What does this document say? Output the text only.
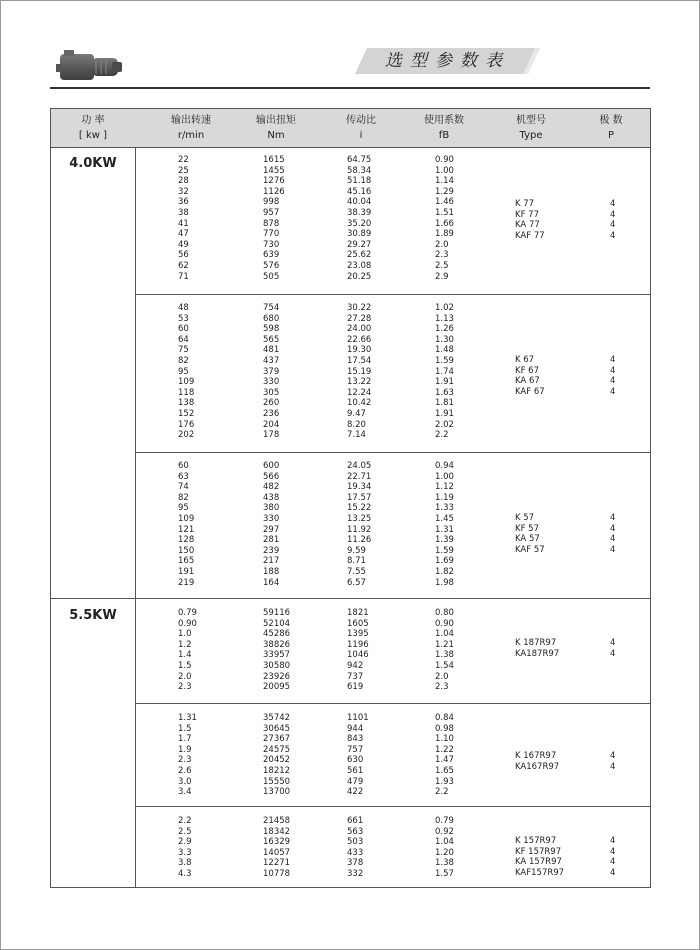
选型参数表
功 率
[ kw ]
输出转速
r/min
输出扭矩
Nm
传动比
i
使用系数
fB
机型号
Type
极 数
P
4.0KW
5.5KW
22
25
28
32
36
38
41
47
49
56
62
71
1615
1455
1276
1126
998
957
878
770
730
639
576
505
64.75
58.34
51.18
45.16
40.04
38.39
35.20
30.89
29.27
25.62
23.08
20.25
0.90
1.00
1.14
1.29
1.46
1.51
1.66
1.89
2.0
2.3
2.5
2.9
K 77
KF 77
KA 77
KAF 77
4
4
4
4
48
53
60
64
75
82
95
109
118
138
152
176
202
754
680
598
565
481
437
379
330
305
260
236
204
178
30.22
27.28
24.00
22.66
19.30
17.54
15.19
13.22
12.24
10.42
9.47
8.20
7.14
1.02
1.13
1.26
1.30
1.48
1.59
1.74
1.91
1.63
1.81
1.91
2.02
2.2
K 67
KF 67
KA 67
KAF 67
4
4
4
4
60
63
74
82
95
109
121
128
150
165
191
219
600
566
482
438
380
330
297
281
239
217
188
164
24.05
22.71
19.34
17.57
15.22
13.25
11.92
11.26
9.59
8.71
7.55
6.57
0.94
1.00
1.12
1.19
1.33
1.45
1.31
1.39
1.59
1.69
1.82
1.98
K 57
KF 57
KA 57
KAF 57
4
4
4
4
0.79
0.90
1.0
1.2
1.4
1.5
2.0
2.3
59116
52104
45286
38826
33957
30580
23926
20095
1821
1605
1395
1196
1046
942
737
619
0.80
0.90
1.04
1.21
1.38
1.54
2.0
2.3
K 187R97
KA187R97
4
4
1.31
1.5
1.7
1.9
2.3
2.6
3.0
3.4
35742
30645
27367
24575
20452
18212
15550
13700
1101
944
843
757
630
561
479
422
0.84
0.98
1.10
1.22
1.47
1.65
1.93
2.2
K 167R97
KA167R97
4
4
2.2
2.5
2.9
3.3
3.8
4.3
21458
18342
16329
14057
12271
10778
661
563
503
433
378
332
0.79
0.92
1.04
1.20
1.38
1.57
K 157R97
KF 157R97
KA 157R97
KAF157R97
4
4
4
4
